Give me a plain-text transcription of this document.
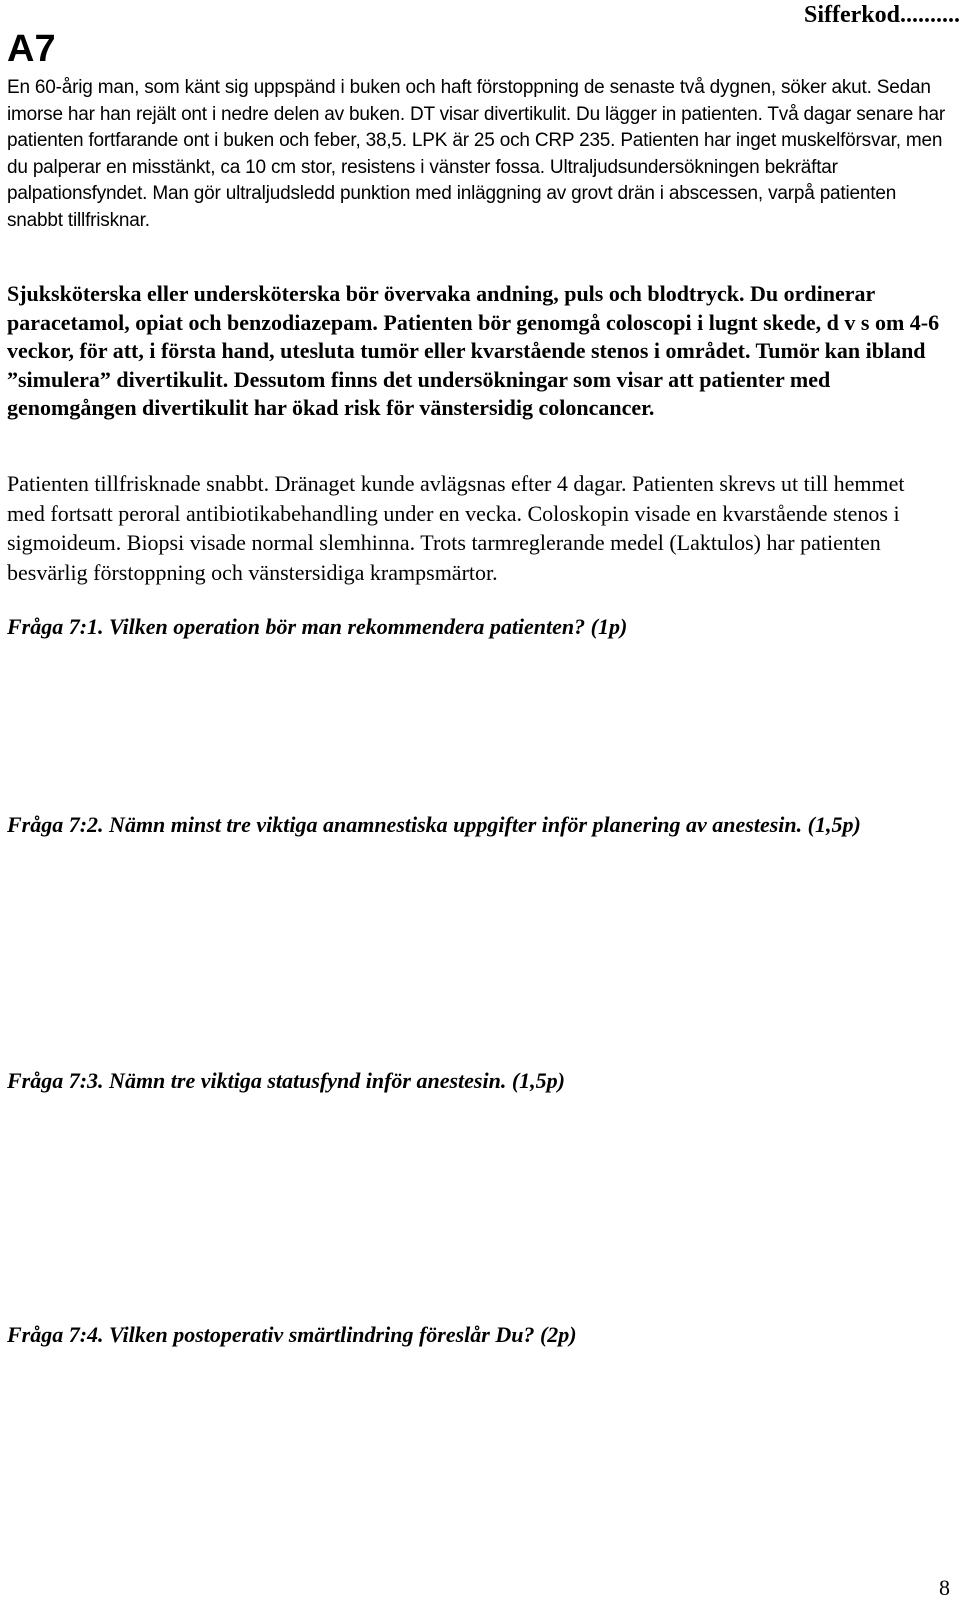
A7
Sifferkod..........

En 60-årig man, som känt sig uppspänd i buken och haft förstoppning de senaste två dygnen, söker akut. Sedan imorse har han rejält ont i nedre delen av buken. DT visar divertikulit. Du lägger in patienten. Två dagar senare har patienten fortfarande ont i buken och feber, 38,5. LPK är 25 och CRP 235. Patienten har inget muskelförsvar, men du palperar en misstänkt, ca 10 cm stor, resistens i vänster fossa. Ultraljudsundersökningen bekräftar palpationsfyndet. Man gör ultraljudsledd punktion med inläggning av grovt drän i abscessen, varpå patienten snabbt tillfrisknar.

Sjuksköterska eller undersköterska bör övervaka andning, puls och blodtryck. Du ordinerar paracetamol, opiat och benzodiazepam. Patienten bör genomgå coloscopi i lugnt skede, d v s om 4-6 veckor, för att, i första hand, utesluta tumör eller kvarstående stenos i området. Tumör kan ibland ”simulera” divertikulit. Dessutom finns det undersökningar som visar att patienter med genomgången divertikulit har ökad risk för vänstersidig coloncancer.

Patienten tillfrisknade snabbt. Dränaget kunde avlägsnas efter 4 dagar. Patienten skrevs ut till hemmet med fortsatt peroral antibiotikabehandling under en vecka. Coloskopin visade en kvarstående stenos i sigmoideum. Biopsi visade normal slemhinna. Trots tarmreglerande medel (Laktulos) har patienten besvärlig förstoppning och vänstersidiga krampsmärtor.

Fråga 7:1. Vilken operation bör man rekommendera patienten? (1p)

Fråga 7:2. Nämn minst tre viktiga anamnestiska uppgifter inför planering av anestesin. (1,5p)

Fråga 7:3. Nämn tre viktiga statusfynd inför anestesin. (1,5p)

Fråga 7:4. Vilken postoperativ smärtlindring föreslår Du? (2p)

8
